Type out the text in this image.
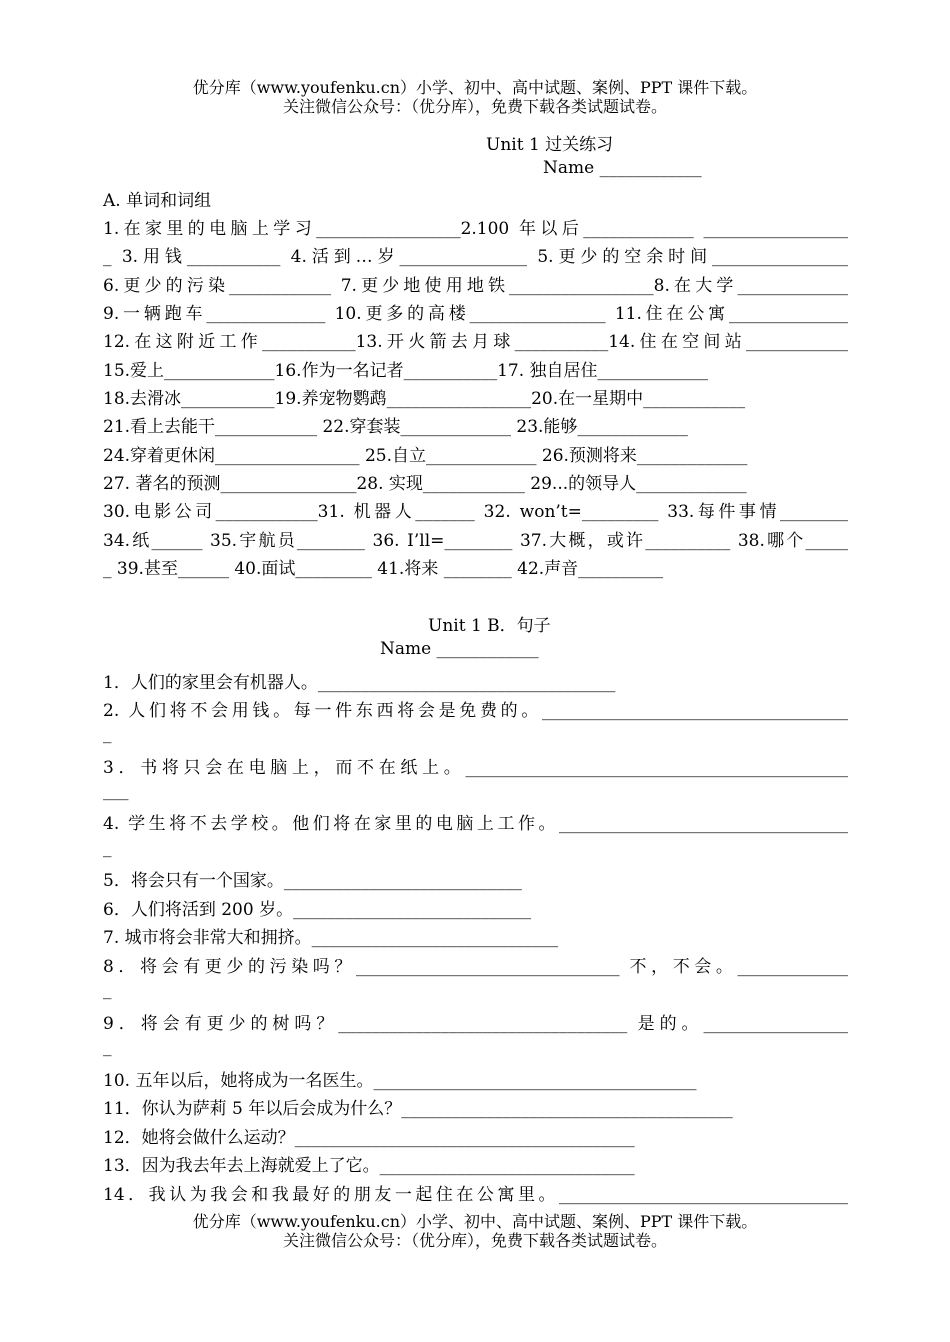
优分库（www.youfenku.cn）小学、初中、高中试题、案例、PPT 课件下载。
关注微信公众号：（优分库），免费下载各类试题试卷。
Unit 1 过关练习
Name ____________
A. 单词和词组
1.在家里的电脑上学习_________________2.100 年以后_____________ _________________
_ 3.用钱___________ 4.活到…岁_______________ 5.更少的空余时间________________
6.更少的污染____________ 7.更少地使用地铁_________________8.在大学_____________
9.一辆跑车______________ 10.更多的高楼________________ 11.住在公寓______________
12.在这附近工作___________13.开火箭去月球___________14.住在空间站____________
15.爱上_____________16.作为一名记者___________17. 独自居住_____________
18.去滑冰___________19.养宠物鹦鹉_________________20.在一星期中____________
21.看上去能干____________ 22.穿套装_____________ 23.能够_____________
24.穿着更休闲_________________ 25.自立_____________ 26.预测将来_____________
27. 著名的预测________________28. 实现____________ 29...的领导人_____________
30.电影公司____________31. 机器人_______ 32. won’t=_________ 33.每件事情________
34.纸______ 35.宇航员________ 36. I’ll=________ 37.大概，或许__________ 38.哪个_____
_ 39.甚至______ 40.面试_________ 41.将来 ________ 42.声音__________
Unit 1 B．句子
Name ____________
1．人们的家里会有机器人。___________________________________
2. 人们将不会用钱。每一件东西将会是免费的。____________________________________
_
3．书将只会在电脑上，而不在纸上。_____________________________________________
___
4. 学生将不去学校。他们将在家里的电脑上工作。__________________________________
_
5．将会只有一个国家。____________________________
6．人们将活到 200 岁。____________________________
7. 城市将会非常大和拥挤。_____________________________
8．将会有更少的污染吗？_______________________________ 不，不会。_____________
_
9．将会有更少的树吗？__________________________________ 是的。_________________
_
10. 五年以后，她将成为一名医生。______________________________________
11．你认为萨莉 5 年以后会成为什么？_______________________________________
12．她将会做什么运动？________________________________________
13．因为我去年去上海就爱上了它。______________________________
14．我认为我会和我最好的朋友一起住在公寓里。__________________________________
优分库（www.youfenku.cn）小学、初中、高中试题、案例、PPT 课件下载。
关注微信公众号：（优分库），免费下载各类试题试卷。
